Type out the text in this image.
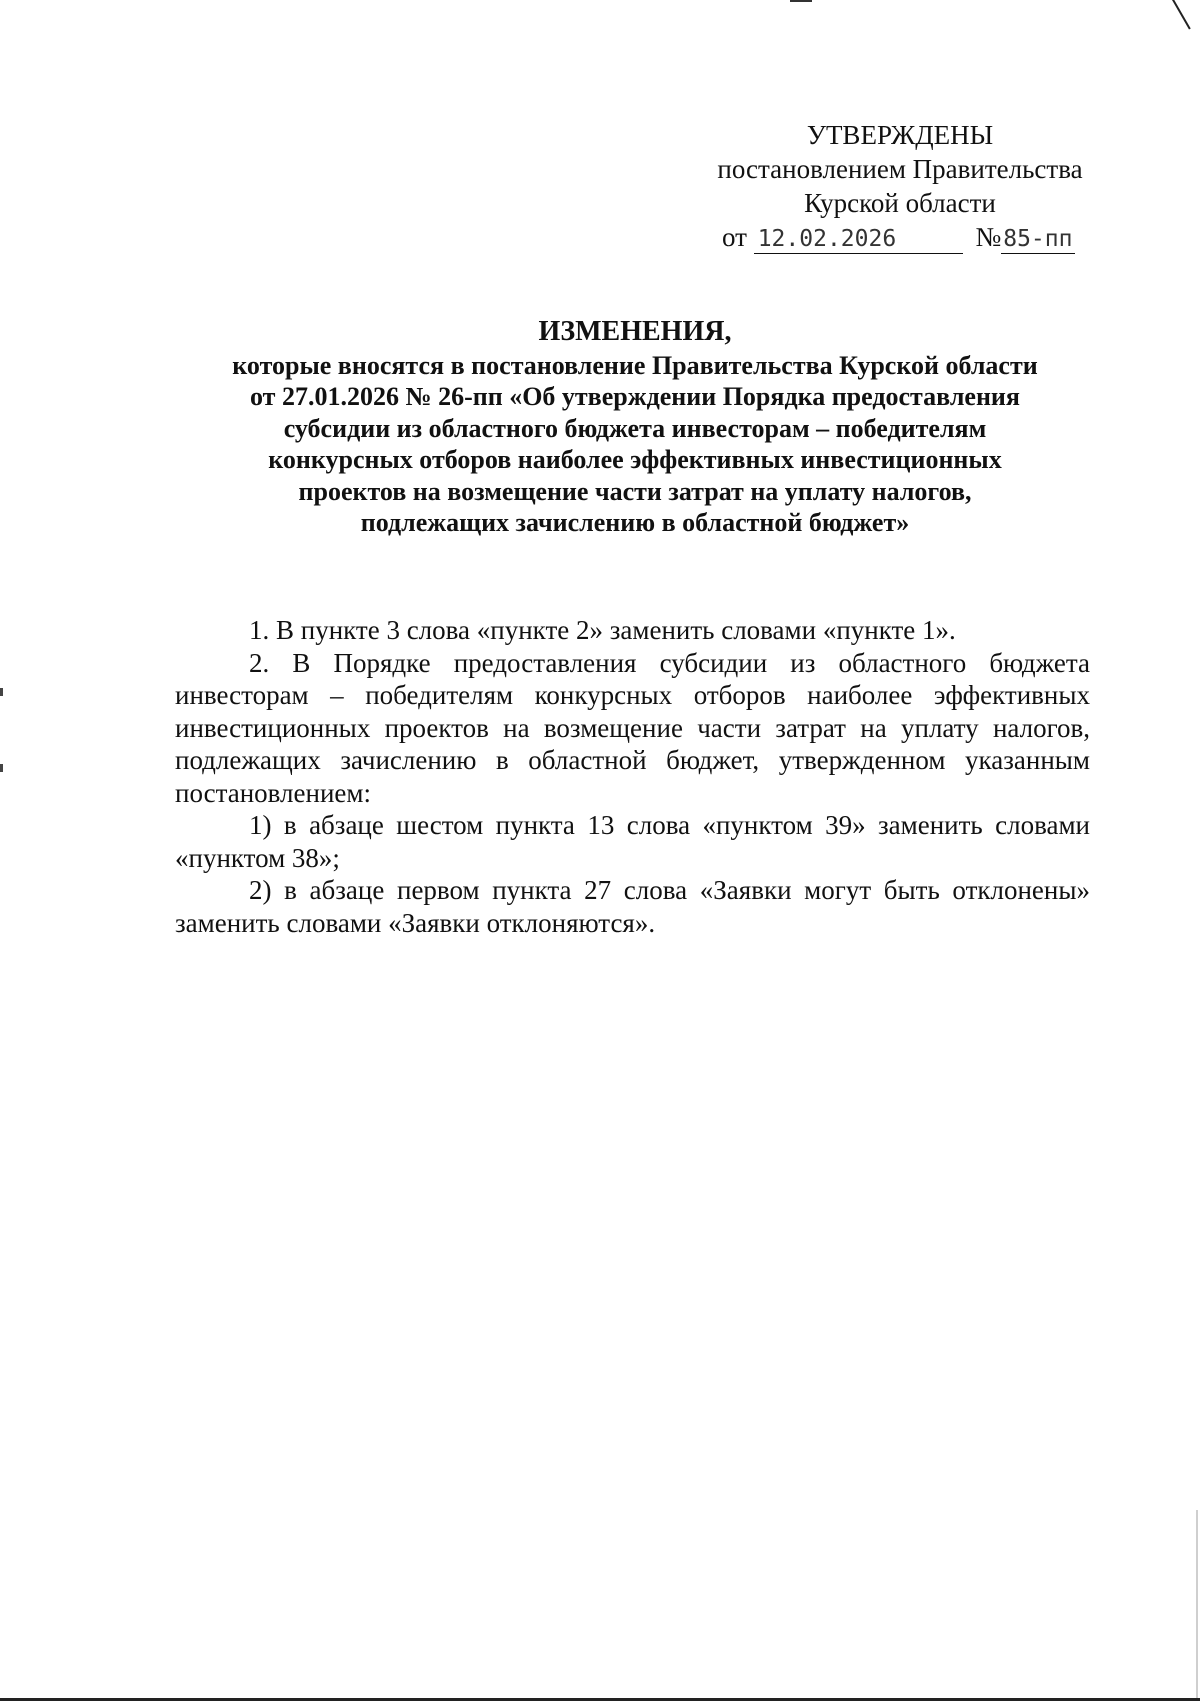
УТВЕРЖДЕНЫ
постановлением Правительства
Курской области
от 12.02.2026	№85-пп
ИЗМЕНЕНИЯ,
которые вносятся в постановление Правительства Курской области
от 27.01.2026 № 26-пп «Об утверждении Порядка предоставления
субсидии из областного бюджета инвесторам – победителям
конкурсных отборов наиболее эффективных инвестиционных
проектов на возмещение части затрат на уплату налогов,
подлежащих зачислению в областной бюджет»

1. В пункте 3 слова «пункте 2» заменить словами «пункте 1».

2. В Порядке предоставления субсидии из областного бюджета инвесторам – победителям конкурсных отборов наиболее эффективных инвестиционных проектов на возмещение части затрат на уплату налогов, подлежащих зачислению в областной бюджет, утвержденном указанным постановлением:

1) в абзаце шестом пункта 13 слова «пунктом 39» заменить словами «пунктом 38»;

2) в абзаце первом пункта 27 слова «Заявки могут быть отклонены» заменить словами «Заявки отклоняются».
